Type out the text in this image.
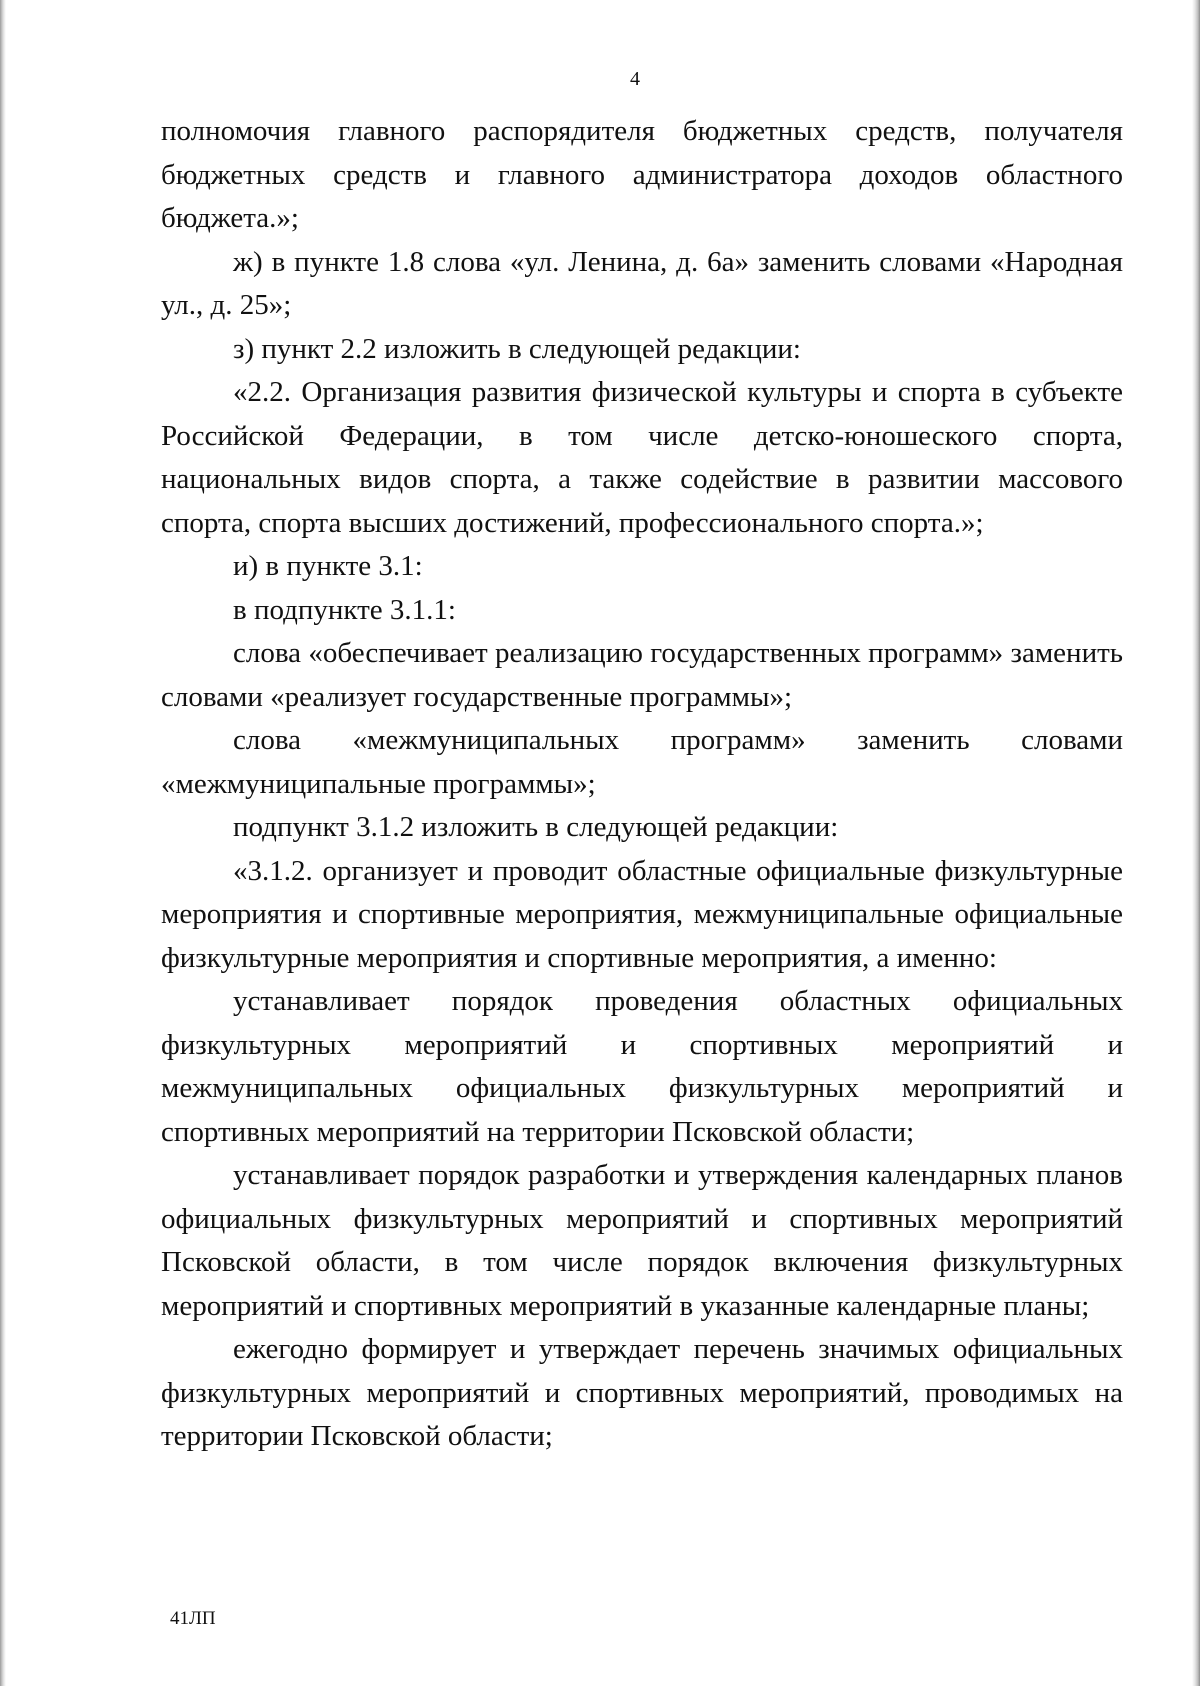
4

полномочия главного распорядителя бюджетных средств, получателя бюджетных средств и главного администратора доходов областного бюджета.»;

ж) в пункте 1.8 слова «ул. Ленина, д. 6а» заменить словами «Народная ул., д. 25»;

з) пункт 2.2 изложить в следующей редакции:

«2.2. Организация развития физической культуры и спорта в субъекте Российской Федерации, в том числе детско-юношеского спорта, национальных видов спорта, а также содействие в развитии массового спорта, спорта высших достижений, профессионального спорта.»;

и) в пункте 3.1:

в подпункте 3.1.1:

слова «обеспечивает реализацию государственных программ» заменить словами «реализует государственные программы»;

слова «межмуниципальных программ» заменить словами «межмуниципальные программы»;

подпункт 3.1.2 изложить в следующей редакции:

«3.1.2. организует и проводит областные официальные физкультурные мероприятия и спортивные мероприятия, межмуниципальные официальные физкультурные мероприятия и спортивные мероприятия, а именно:

устанавливает порядок проведения областных официальных физкультурных мероприятий и спортивных мероприятий и межмуниципальных официальных физкультурных мероприятий и спортивных мероприятий на территории Псковской области;

устанавливает порядок разработки и утверждения календарных планов официальных физкультурных мероприятий и спортивных мероприятий Псковской области, в том числе порядок включения физкультурных мероприятий и спортивных мероприятий в указанные календарные планы;

ежегодно формирует и утверждает перечень значимых официальных физкультурных мероприятий и спортивных мероприятий, проводимых на территории Псковской области;

41ЛП
